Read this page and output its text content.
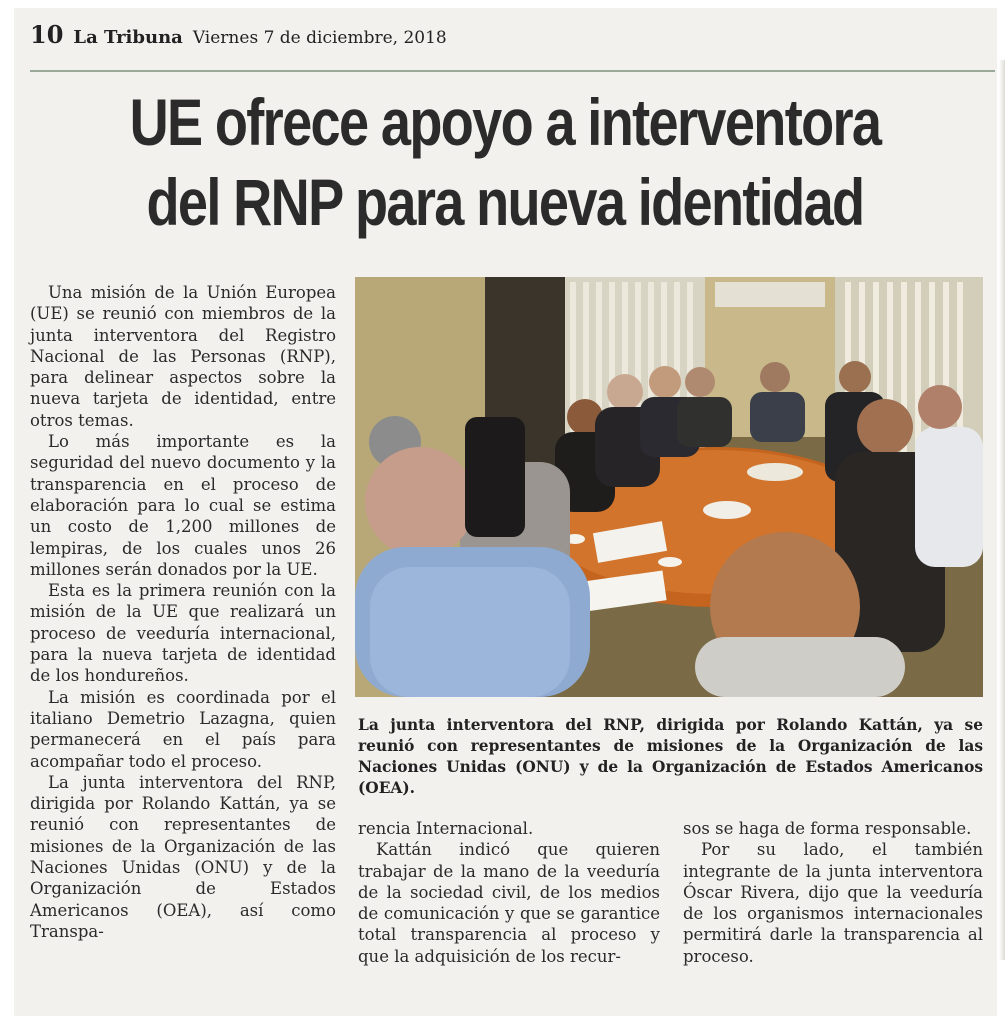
10 La Tribuna Viernes 7 de diciembre, 2018
UE ofrece apoyo a interventora
del RNP para nueva identidad

Una misión de la Unión Europea (UE) se reunió con miembros de la junta interventora del Registro Nacional de las Personas (RNP), para delinear aspectos sobre la nueva tarjeta de identidad, entre otros temas.

Lo más importante es la seguridad del nuevo documento y la transparencia en el proceso de elaboración para lo cual se estima un costo de 1,200 millones de lempiras, de los cuales unos 26 millones serán donados por la UE.

Esta es la primera reunión con la misión de la UE que realizará un proceso de veeduría internacional, para la nueva tarjeta de identidad de los hondureños.

La misión es coordinada por el italiano Demetrio Lazagna, quien permanecerá en el país para acompañar todo el proceso.

La junta interventora del RNP, dirigida por Rolando Kattán, ya se reunió con representantes de misiones de la Organización de las Naciones Unidas (ONU) y de la Organización de Estados Americanos (OEA), así como Transpa-

La junta interventora del RNP, dirigida por Rolando Kattán, ya se reunió con representantes de misiones de la Organización de las Naciones Unidas (ONU) y de la Organización de Estados Americanos (OEA).

rencia Internacional.

Kattán indicó que quieren trabajar de la mano de la veeduría de la sociedad civil, de los medios de comunicación y que se garantice total transparencia al proceso y que la adquisición de los recur-

sos se haga de forma responsable.

Por su lado, el también integrante de la junta interventora Óscar Rivera, dijo que la veeduría de los organismos internacionales permitirá darle la transparencia al proceso.
